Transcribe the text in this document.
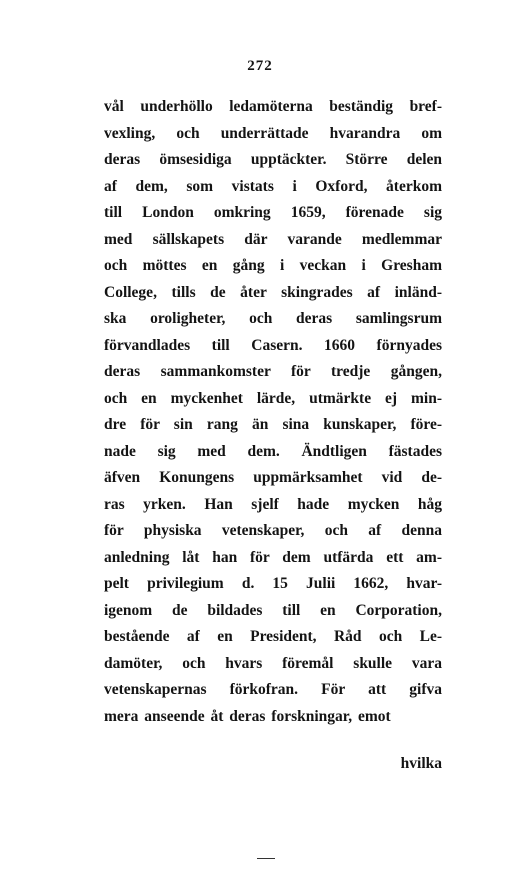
272
vål underhöllo ledamöterna beständig bref-
vexling, och underrättade hvarandra om
deras ömsesidiga upptäckter. Större delen
af dem, som vistats i Oxford, återkom
till London omkring 1659, förenade sig
med sällskapets där varande medlemmar
och möttes en gång i veckan i Gresham
College, tills de åter skingrades af inländ-
ska oroligheter, och deras samlingsrum
förvandlades till Casern. 1660 förnyades
deras sammankomster för tredje gången,
och en myckenhet lärde, utmärkte ej min-
dre för sin rang än sina kunskaper, före-
nade sig med dem. Ändtligen fästades
äfven Konungens uppmärksamhet vid de-
ras yrken. Han sjelf hade mycken håg
för physiska vetenskaper, och af denna
anledning låt han för dem utfärda ett am-
pelt privilegium d. 15 Julii 1662, hvar-
igenom de bildades till en Corporation,
bestående af en President, Råd och Le-
damöter, och hvars föremål skulle vara
vetenskapernas förkofran. För att gifva
mera anseende åt deras forskningar, emot
hvilka
